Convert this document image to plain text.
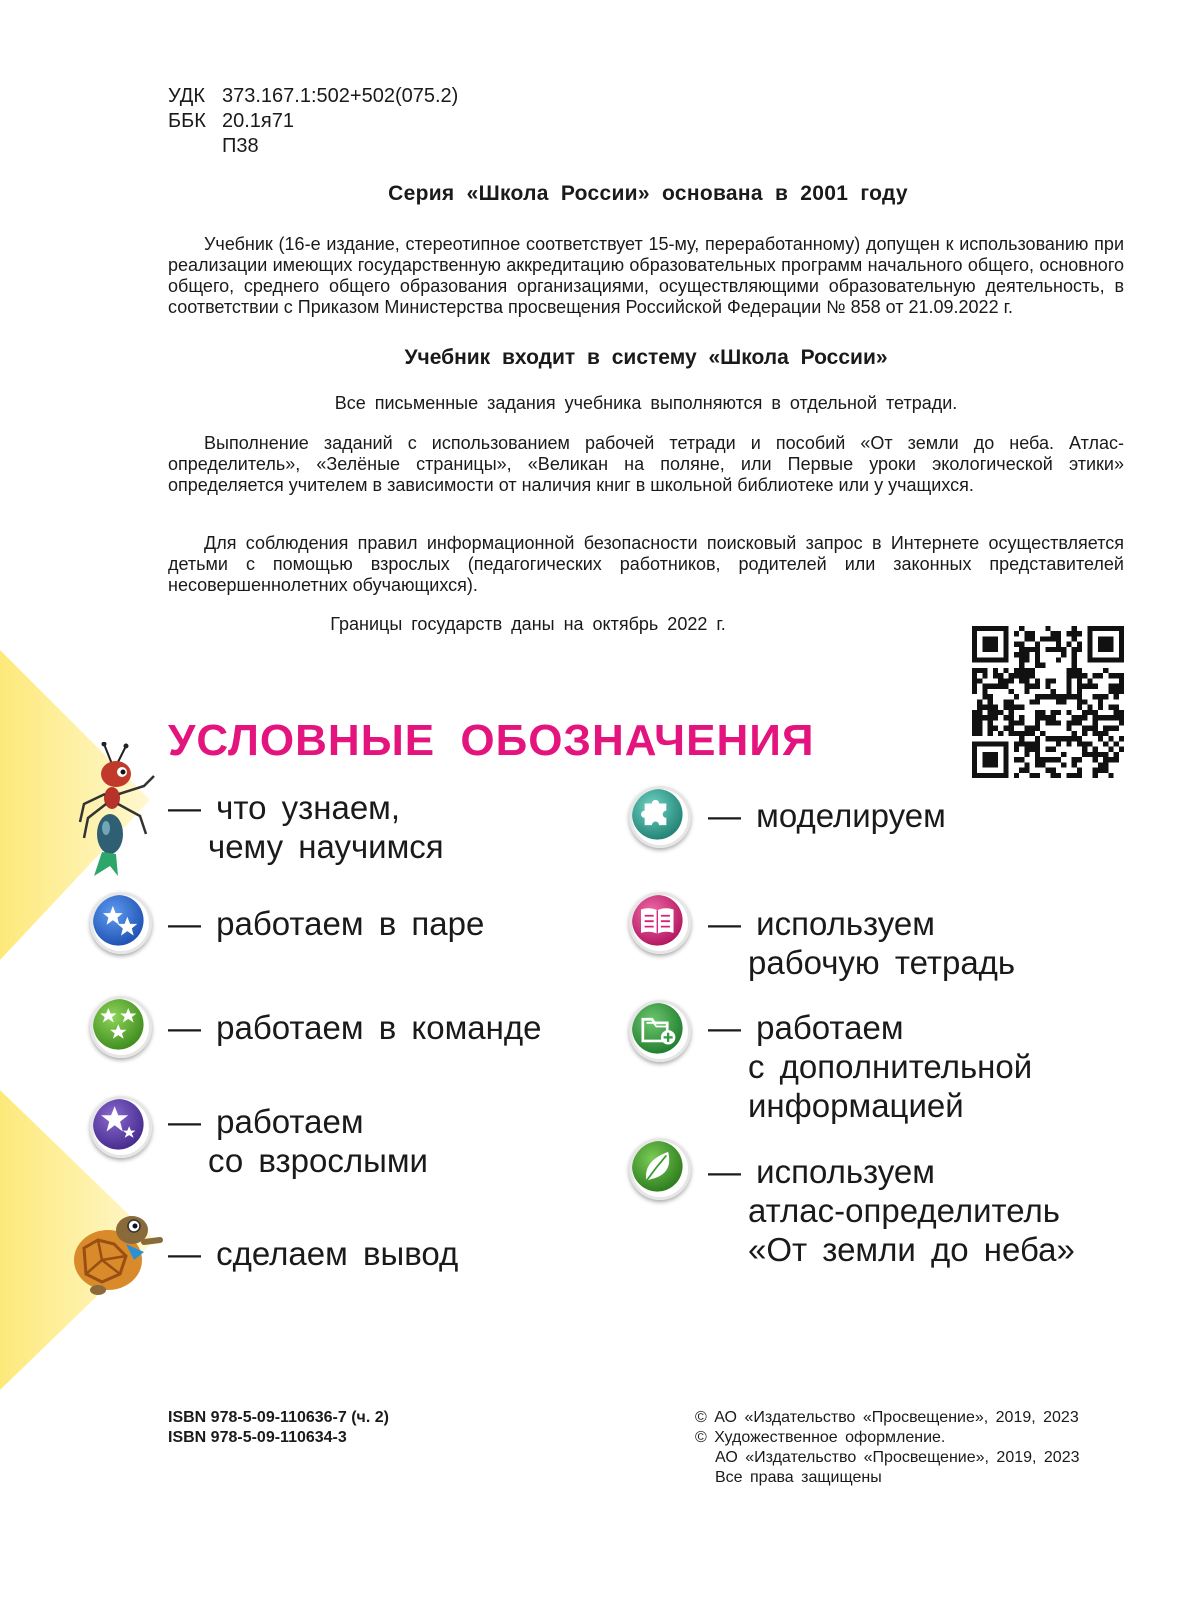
УДК 373.167.1:502+502(075.2)
ББК 20.1я71
П38
Серия «Школа России» основана в 2001 году
Учебник (16-е издание, стереотипное соответствует 15-му, переработанному) допущен к использованию при реализации имеющих государственную аккредитацию образовательных программ начального общего, основного общего, среднего общего образования организациями, осуществляющими образовательную деятельность, в соответствии с Приказом Министерства просвещения Российской Федерации № 858 от 21.09.2022 г.
Учебник входит в систему «Школа России»
Все письменные задания учебника выполняются в отдельной тетради.
Выполнение заданий с использованием рабочей тетради и пособий «От земли до неба. Атлас-определитель», «Зелёные страницы», «Великан на поляне, или Первые уроки экологической этики» определяется учителем в зависимости от наличия книг в школьной библиотеке или у учащихся.
Для соблюдения правил информационной безопасности поисковый запрос в Интернете осуществляется детьми с помощью взрослых (педагогических работников, родителей или законных представителей несовершеннолетних обучающихся).
Границы государств даны на октябрь 2022 г.
УСЛОВНЫЕ ОБОЗНАЧЕНИЯ
— что узнаем,
чему научимся
— работаем в паре
— работаем в команде
— работаем
со взрослыми
— сделаем вывод
— моделируем
— используем
рабочую тетрадь
— работаем
с дополнительной
информацией
— используем
атлас-определитель
«От земли до неба»
ISBN 978-5-09-110636-7 (ч. 2)
ISBN 978-5-09-110634-3
© АО «Издательство «Просвещение», 2019, 2023
© Художественное оформление.
АО «Издательство «Просвещение», 2019, 2023
Все права защищены
